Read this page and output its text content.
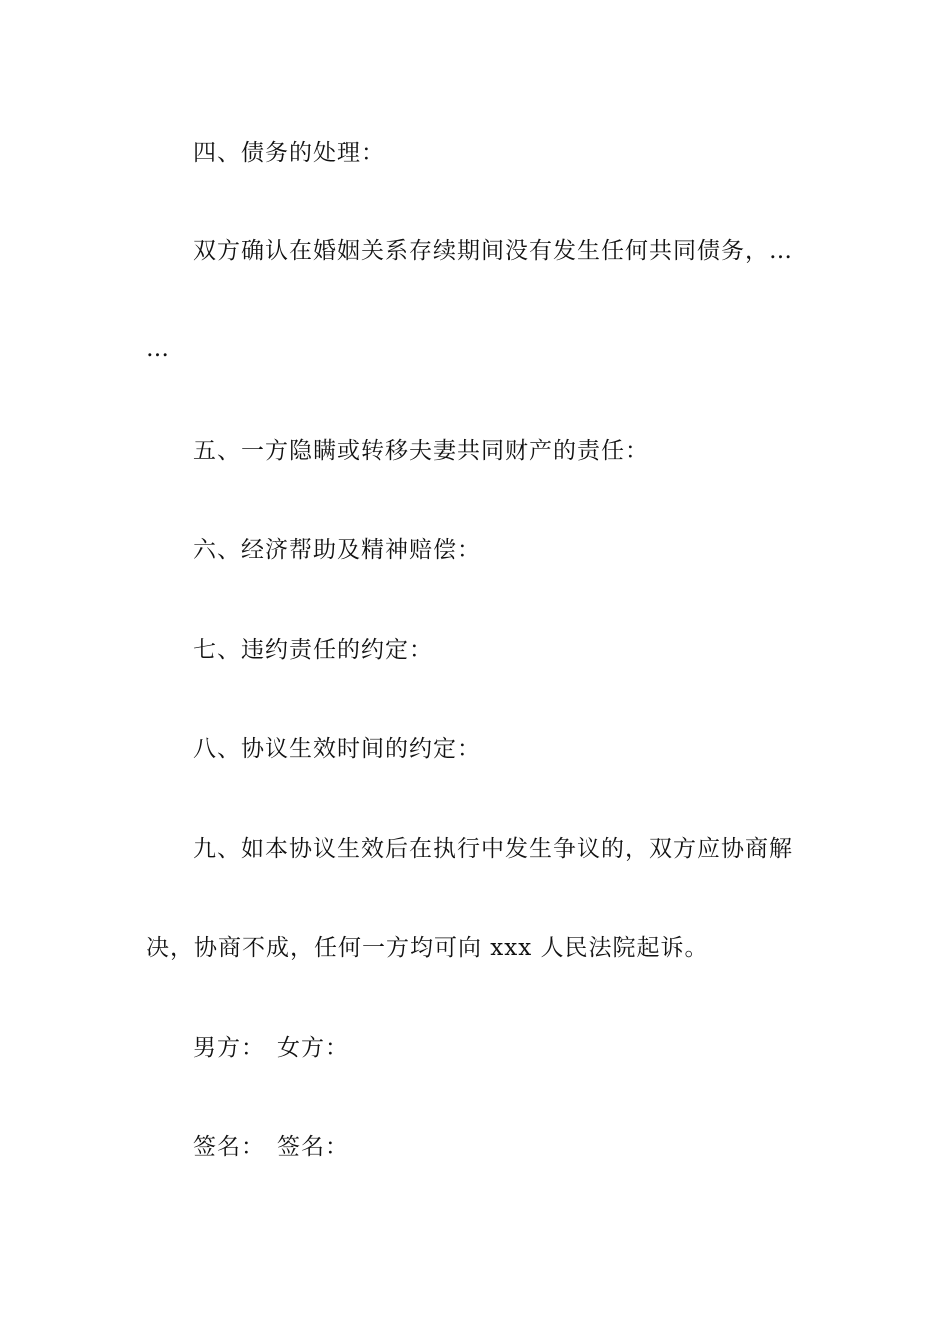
四、债务的处理：
双方确认在婚姻关系存续期间没有发生任何共同债务，…
…
五、一方隐瞒或转移夫妻共同财产的责任：
六、经济帮助及精神赔偿：
七、违约责任的约定：
八、协议生效时间的约定：
九、如本协议生效后在执行中发生争议的，双方应协商解
决，协商不成，任何一方均可向 xxx 人民法院起诉。
男方： 女方：
签名： 签名：
